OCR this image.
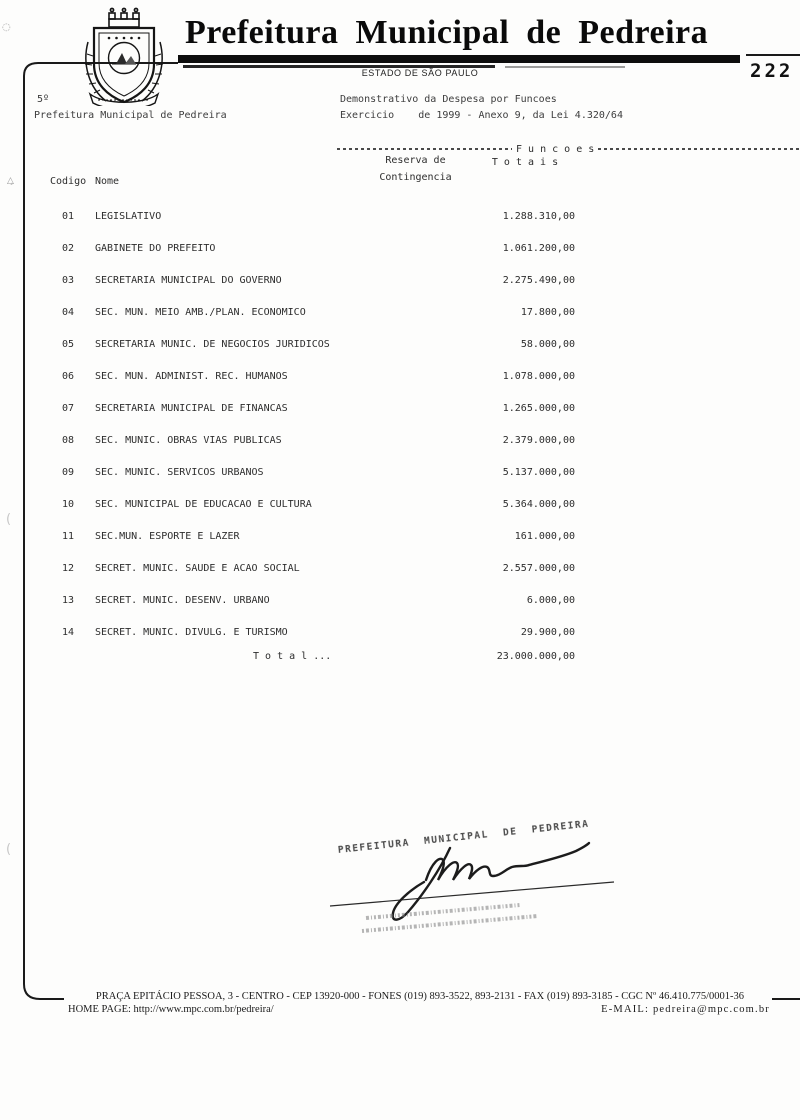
◌
△̧
(
(
Prefeitura Municipal de Pedreira
ESTADO DE SÃO PAULO	222
5º
Prefeitura Municipal de Pedreira
Demonstrativo da Despesa por Funcoes
Exercicio    de 1999 - Anexo 9, da Lei 4.320/64
F u n c o e s
Reserva de
Contingencia
T o t a i s
Codigo Nome
01 LEGISLATIVO	1.288.310,00
02 GABINETE DO PREFEITO	1.061.200,00
03 SECRETARIA MUNICIPAL DO GOVERNO	2.275.490,00
04 SEC. MUN. MEIO AMB./PLAN. ECONOMICO	17.800,00
05 SECRETARIA MUNIC. DE NEGOCIOS JURIDICOS	58.000,00
06 SEC. MUN. ADMINIST. REC. HUMANOS	1.078.000,00
07 SECRETARIA MUNICIPAL DE FINANCAS	1.265.000,00
08 SEC. MUNIC. OBRAS VIAS PUBLICAS	2.379.000,00
09 SEC. MUNIC. SERVICOS URBANOS	5.137.000,00
10 SEC. MUNICIPAL DE EDUCACAO E CULTURA	5.364.000,00
11 SEC.MUN. ESPORTE E LAZER	161.000,00
12 SECRET. MUNIC. SAUDE E ACAO SOCIAL	2.557.000,00
13 SECRET. MUNIC. DESENV. URBANO	6.000,00
14 SECRET. MUNIC. DIVULG. E TURISMO	29.900,00
T o t a l ...	23.000.000,00
PREFEITURA  MUNICIPAL  DE  PEDREIRA
PRAÇA EPITÁCIO PESSOA, 3 - CENTRO - CEP 13920-000 - FONES (019) 893-3522, 893-2131 - FAX (019) 893-3185 - CGC Nº 46.410.775/0001-36
HOME PAGE: http://www.mpc.com.br/pedreira/	E-MAIL: pedreira@mpc.com.br
